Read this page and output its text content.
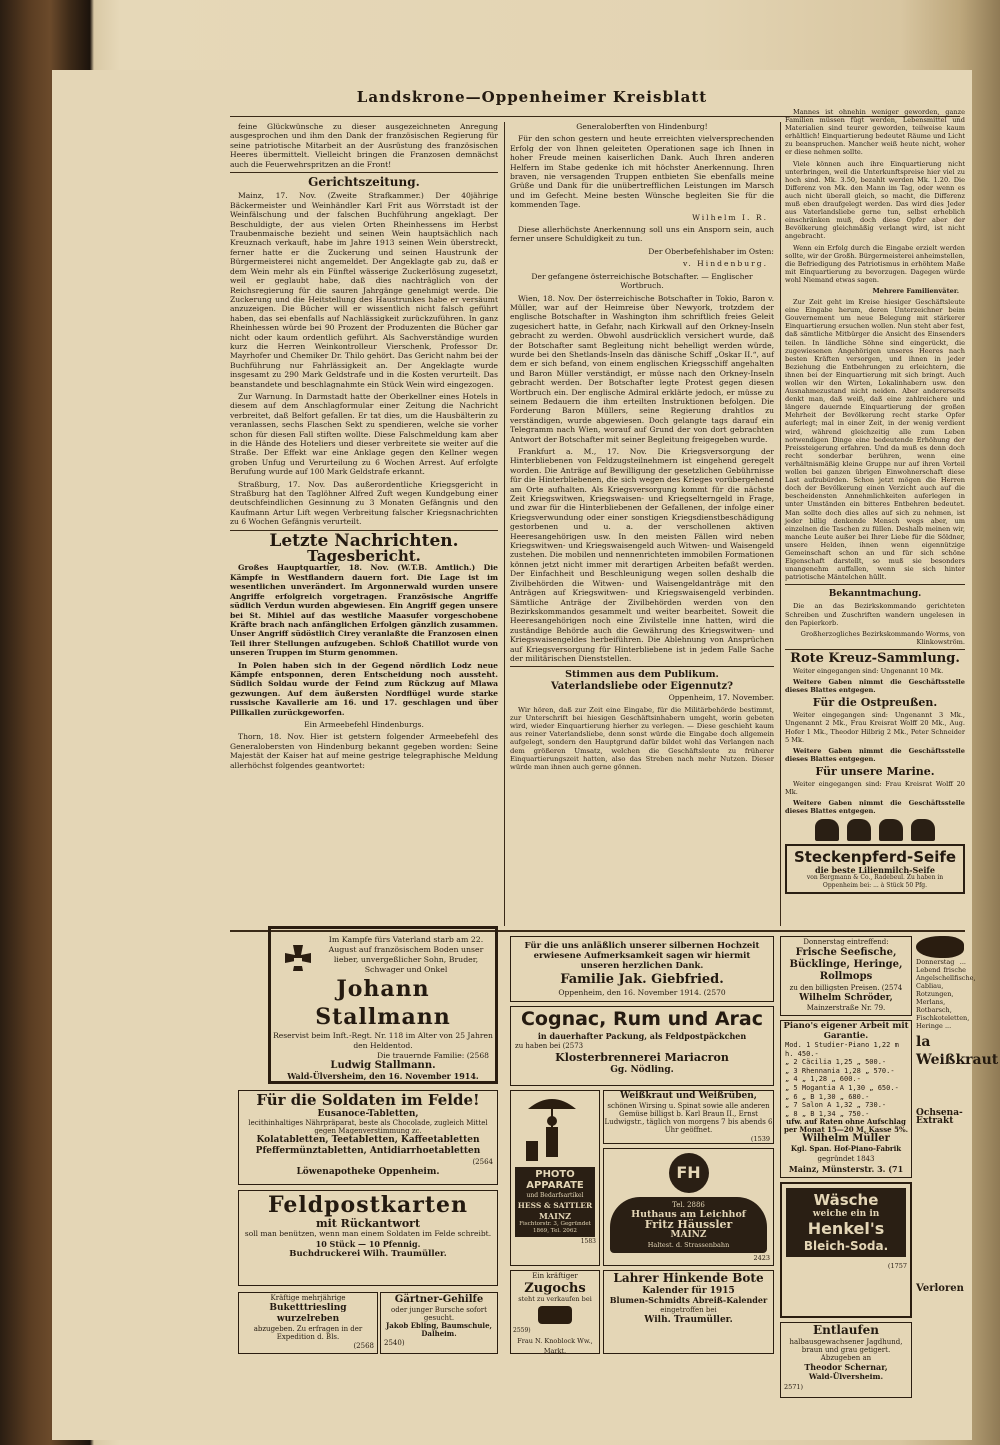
Landskrone—Oppenheimer Kreisblatt

feine Glückwünsche zu dieser ausgezeichneten Anregung ausgesprochen und ihm den Dank der französischen Regierung für seine patriotische Mitarbeit an der Ausrüstung des französischen Heeres übermittelt. Vielleicht bringen die Franzosen demnächst auch die Feuerwehrspritzen an die Front!

Gerichtszeitung.

Mainz, 17. Nov. (Zweite Strafkammer.) Der 40jährige Bäckermeister und Weinhändler Karl Frit aus Wörrstadt ist der Weinfälschung und der falschen Buchführung angeklagt. Der Beschuldigte, der aus vielen Orten Rheinhessens im Herbst Traubenmaische bezieht und seinen Wein hauptsächlich nach Kreuznach verkauft, habe im Jahre 1913 seinen Wein überstreckt, ferner hatte er die Zuckerung und seinen Haustrunk der Bürgermeisterei nicht angemeldet. Der Angeklagte gab zu, daß er dem Wein mehr als ein Fünftel wässerige Zuckerlösung zugesetzt, weil er geglaubt habe, daß dies nachträglich von der Reichsregierung für die sauren Jahrgänge genehmigt werde. Die Zuckerung und die Heitstellung des Haustrunkes habe er versäumt anzuzeigen. Die Bücher will er wissentlich nicht falsch geführt haben, das sei ebenfalls auf Nachlässigkeit zurückzuführen. In ganz Rheinhessen würde bei 90 Prozent der Produzenten die Bücher gar nicht oder kaum ordentlich geführt. Als Sachverständige wurden kurz die Herren Weinkontrolleur Vierschenk, Professor Dr. Mayrhofer und Chemiker Dr. Thilo gehört. Das Gericht nahm bei der Buchführung nur Fahrlässigkeit an. Der Angeklagte wurde insgesamt zu 290 Mark Geldstrafe und in die Kosten verurteilt. Das beanstandete und beschlagnahmte ein Stück Wein wird eingezogen.

Zur Warnung. In Darmstadt hatte der Oberkellner eines Hotels in diesem auf dem Anschlagformular einer Zeitung die Nachricht verbreitet, daß Belfort gefallen. Er tat dies, um die Hausbälterin zu veranlassen, sechs Flaschen Sekt zu spendieren, welche sie vorher schon für diesen Fall stiften wollte. Diese Falschmeldung kam aber in die Hände des Hoteliers und dieser verbreitete sie weiter auf die Straße. Der Effekt war eine Anklage gegen den Kellner wegen groben Unfug und Verurteilung zu 6 Wochen Arrest. Auf erfolgte Berufung wurde auf 100 Mark Geldstrafe erkannt.

Straßburg, 17. Nov. Das außerordentliche Kriegsgericht in Straßburg hat den Taglöhner Alfred Zuft wegen Kundgebung einer deutschfeindlichen Gesinnung zu 3 Monaten Gefängnis und den Kaufmann Artur Lift wegen Verbreitung falscher Kriegsnachrichten zu 6 Wochen Gefängnis verurteilt.

Letzte Nachrichten.
Tagesbericht.

Großes Hauptquartier, 18. Nov. (W.T.B. Amtlich.) Die Kämpfe in Westflandern dauern fort. Die Lage ist im wesentlichen unverändert. Im Argonnerwald wurden unsere Angriffe erfolgreich vorgetragen. Französische Angriffe südlich Verdun wurden abgewiesen. Ein Angriff gegen unsere bei St. Mihiel auf das westliche Maasufer vorgeschobene Kräfte brach nach anfänglichen Erfolgen gänzlich zusammen. Unser Angriff südöstlich Cirey veranlaßte die Franzosen einen Teil ihrer Stellungen aufzugeben. Schloß Chatillot wurde von unseren Truppen im Sturm genommen.

In Polen haben sich in der Gegend nördlich Lodz neue Kämpfe entsponnen, deren Entscheidung noch aussteht. Südlich Soldau wurde der Feind zum Rückzug auf Mlawa gezwungen. Auf dem äußersten Nordflügel wurde starke russische Kavallerie am 16. und 17. geschlagen und über Pillkallen zurückgeworfen.

Ein Armeebefehl Hindenburgs.

Thorn, 18. Nov. Hier ist getstern folgender Armeebefehl des Generalobersten von Hindenburg bekannt gegeben worden: Seine Majestät der Kaiser hat auf meine gestrige telegraphische Meldung allerhöchst folgendes geantwortet:

Generaloberften von Hindenburg!

Für den schon gestern und heute erreichten vielversprechenden Erfolg der von Ihnen geleiteten Operationen sage ich Ihnen in hoher Freude meinen kaiserlichen Dank. Auch Ihren anderen Helfern im Stabe gedenke ich mit höchster Anerkennung. Ihren braven, nie versagenden Truppen entbieten Sie ebenfalls meine Grüße und Dank für die unübertrefflichen Leistungen im Marsch und im Gefecht. Meine besten Wünsche begleiten Sie für die kommenden Tage.

Wilhelm I. R.

Diese allerhöchste Anerkennung soll uns ein Ansporn sein, auch ferner unsere Schuldigkeit zu tun.

Der Oberbefehlshaber im Osten:

v. Hindenburg.

Der gefangene österreichische Botschafter. — Englischer Wortbruch.

Wien, 18. Nov. Der österreichische Botschafter in Tokio, Baron v. Müller, war auf der Heimreise über Newyork, trotzdem der englische Botschafter in Washington ihm schriftlich freies Geleit zugesichert hatte, in Gefahr, nach Kirkwall auf den Orkney-Inseln gebracht zu werden. Obwohl ausdrücklich versichert wurde, daß der Botschafter samt Begleitung nicht behelligt werden würde, wurde bei den Shetlands-Inseln das dänische Schiff „Oskar II.“, auf dem er sich befand, von einem englischen Kriegsschiff angehalten und Baron Müller verständigt, er müsse nach den Orkney-Inseln gebracht werden. Der Botschafter legte Protest gegen diesen Wortbruch ein. Der englische Admiral erklärte jedoch, er müsse zu seinem Bedauern die ihm erteilten Instruktionen befolgen. Die Forderung Baron Müllers, seine Regierung drahtlos zu verständigen, wurde abgewiesen. Doch gelangte tags darauf ein Telegramm nach Wien, worauf auf Grund der von dort gebrachten Antwort der Botschafter mit seiner Begleitung freigegeben wurde.

Frankfurt a. M., 17. Nov. Die Kriegsversorgung der Hinterbliebenen von Feldzugsteilnehmern ist eingehend geregelt worden. Die Anträge auf Bewilligung der gesetzlichen Gebührnisse für die Hinterbliebenen, die sich wegen des Krieges vorübergehend am Orte aufhalten. Als Kriegsversorgung kommt für die nächste Zeit Kriegswitwen, Kriegswaisen- und Kriegselterngeld in Frage, und zwar für die Hinterbliebenen der Gefallenen, der infolge einer Kriegsverwundung oder einer sonstigen Kriegsdienstbeschädigung gestorbenen und u. a. der verschollenen aktiven Heeresangehörigen usw. In den meisten Fällen wird neben Kriegswitwen- und Kriegswaisengeld auch Witwen- und Waisengeld zustehen. Die mobilen und nennenrichteten immobilen Formationen können jetzt nicht immer mit derartigen Arbeiten befaßt werden. Der Einfachheit und Beschleunigung wegen sollen deshalb die Zivilbehörden die Witwen- und Waisengeldanträge mit den Anträgen auf Kriegswitwen- und Kriegswaisengeld verbinden. Sämtliche Anträge der Zivilbehörden werden von den Bezirkskommandos gesammelt und weiter bearbeitet. Soweit die Heeresangehörigen noch eine Zivilstelle inne hatten, wird die zuständige Behörde auch die Gewährung des Kriegswitwen- und Kriegswaisengeldes herbeiführen. Die Ablehnung von Ansprüchen auf Kriegsversorgung für Hinterbliebene ist in jedem Falle Sache der militärischen Dienststellen.

Stimmen aus dem Publikum.
Vaterlandsliebe oder Eigennutz?

Oppenheim, 17. November.

Wir hören, daß zur Zeit eine Eingabe, für die Militärbehörde bestimmt, zur Unterschrift bei hiesigen Geschäftsinhabern umgeht, worin gebeten wird, wieder Einquartierung hierher zu verlegen. — Diese geschieht kaum aus reiner Vaterlandsliebe, denn sonst würde die Eingabe doch allgemein aufgelegt, sondern den Hauptgrund dafür bildet wohl das Verlangen nach dem größeren Umsatz, welchen die Geschäftsleute zu früherer Einquartierungszeit hatten, also das Streben nach mehr Nutzen. Dieser würde man ihnen auch gerne gönnen.

Mannes ist ohnehin weniger geworden, ganze Familien müssen fügt werden, Lebensmittel und Materialien sind teurer geworden, teilweise kaum erhältlich! Einquartierung bedeutet Räume und Licht zu beanspruchen. Mancher weiß heute nicht, woher er diese nehmen sollte.

Viele können auch ihre Einquartierung nicht unterbringen, weil die Unterkunftspreise hier viel zu hoch sind. Mk. 3.50, bezahlt werden Mk. 1.20. Die Differenz von Mk. den Mann im Tag, oder wenn es auch nicht überall gleich, so macht, die Differenz muß eben draufgelegt werden. Das wird dies Jeder aus Vaterlandsliebe gerne tun, selbst erheblich einschränken muß, doch diese Opfer aber der Bevölkerung gleichmäßig verlangt wird, ist nicht angebracht.

Wenn ein Erfolg durch die Eingabe erzielt werden sollte, wir der Großh. Bürgermeisterei anheimstellen, die Befriedigung des Patriotismus in erhöhtem Maße mit Einquartierung zu bevorzugen. Dagegen würde wohl Niemand etwas sagen.

Mehrere Familienväter.

Zur Zeit geht im Kreise hiesiger Geschäftsleute eine Eingabe herum, deren Unterzeichner beim Gouvernement um neue Belegung mit stärkerer Einquartierung ersuchen wollen. Nun steht aber fest, daß sämtliche Mitbürger die Ansicht des Einsenders teilen. In ländliche Söhne sind eingerückt, die zugewiesenen Angehörigen unseres Heeres nach besten Kräften versorgen, und ihnen in jeder Beziehung die Entbehrungen zu erleichtern, die ihnen bei der Einquartierung mit sich bringt. Auch wollen wir den Wirten, Lokalinhabern usw. den Ausnahmezustand nicht neiden. Aber andererseits denkt man, daß weiß, daß eine zahlreichere und längere dauernde Einquartierung der großen Mehrheit der Bevölkerung recht starke Opfer auferlegt; mal in einer Zeit, in der wenig verdient wird, während gleichzeitig alle zum Leben notwendigen Dinge eine bedeutende Erhöhung der Preissteigerung erfahren. Und da muß es denn doch recht sonderbar berühren, wenn eine verhältnismäßig kleine Gruppe nur auf ihren Vorteil wollen bei ganzen übrigen Einwohnerschaft diese Last aufzubürden. Schon jetzt mögen die Herren doch der Bevölkerung einen Verzicht auch auf die bescheidensten Annehmlichkeiten auferlegen in unter Umständen ein bitteres Entbehren bedeutet. Man sollte doch dies alles auf sich zu nehmen, ist jeder billig denkende Mensch wegs aber, um einzelnen die Taschen zu füllen. Deshalb meinen wir, manche Leute außer bei Ihrer Liebe für die Söldner, unsere Helden, ihnen wenn eigennützige Gemeinschaft schon an und für sich schöne Eigenschaft darstellt, so muß sie besonders unangenehm auffallen, wenn sie sich hinter patriotische Mäntelchen hüllt.

Bekanntmachung.

Die an das Bezirkskommando gerichteten Schreiben und Zuschriften wandern ungelesen in den Papierkorb.

Großherzogliches Bezirkskommando Worms, von Klinkowström.

Rote Kreuz-Sammlung.

Weiter eingegangen sind: Ungenannt 10 Mk.

Weitere Gaben nimmt die Geschäftsstelle dieses Blattes entgegen.

Für die Ostpreußen.

Weiter eingegangen sind: Ungenannt 3 Mk., Ungenannt 2 Mk., Frau Kreisrat Wolff 20 Mk., Aug. Hofer 1 Mk., Theodor Hilbrig 2 Mk., Peter Schneider 5 Mk.

Weitere Gaben nimmt die Geschäftsstelle dieses Blattes entgegen.

Für unsere Marine.

Weiter eingegangen sind: Frau Kreisrat Wolff 20 Mk.

Weitere Gaben nimmt die Geschäftsstelle dieses Blattes entgegen.

Steckenpferd-Seife
die beste Lilienmilch-Seife
von Bergmann & Co., Radebeul. Zu haben in Oppenheim bei: ... à Stück 50 Pfg.
Im Kampfe fürs Vaterland starb am 22. August auf französischem Boden unser lieber, unvergeßlicher Sohn, Bruder, Schwager und Onkel
Johann Stallmann
Reservist beim Inft.-Regt. Nr. 118 im Alter von 25 Jahren den Heldentod.
Die trauernde Familie: (2568
Ludwig Stallmann.
Wald-Ülversheim, den 16. November 1914.
Für die Soldaten im Felde!
Eusanoce-Tabletten,
lecithinhaltiges Nährpräparat, beste als Chocolade, zugleich Mittel gegen Magenverstimmung zc.
Kolatabletten, Teetabletten, Kaffeetabletten Pfeffermünztabletten, Antidiarrhoetabletten
(2564
Löwenapotheke Oppenheim.
Feldpostkarten
mit Rückantwort
soll man benützen, wenn man einem Soldaten im Felde schreibt.
10 Stück — 10 Pfennig.
Buchdruckerei Wilh. Traumüller.
Kräftige mehrjährige
Buketttriesling wurzelreben
abzugeben. Zu erfragen in der Expedition d. Bls.
(2568
Gärtner-Gehilfe
oder junger Bursche sofort gesucht.
Jakob Ebling, Baumschule, Dalheim.
2540)
Für die uns anläßlich unserer silbernen Hochzeit erwiesene Aufmerksamkeit sagen wir hiermit unseren herzlichen Dank.
Familie Jak. Giebfried.
Oppenheim, den 16. November 1914. (2570
Cognac, Rum und Arac
in dauerhafter Packung, als Feldpostpäckchen
zu haben bei (2573
Klosterbrennerei Mariacron
Gg. Nödling.
PHOTO APPARATE
und Bedarfsartikel
HESS & SATTLER
MAINZ
Fischtorstr. 3, Gegründet 1869, Tel. 2062
1583
Weißkraut und Weißrüben,
schönen Wirsing u. Spinat sowie alle anderen Gemüse billigst b. Karl Braun II., Ernst Ludwigstr., täglich von morgens 7 bis abends 6 Uhr geöffnet.
(1539
FH
Tel. 2886
Huthaus am Leichhof
Fritz Häussler
MAINZ
Haltest. d. Strassenbahn
2423
Ein kräftiger
Zugochs
steht zu verkaufen bei
2559)
Frau N. Knoblock Ww., Markt.
Lahrer Hinkende Bote
Kalender für 1915
Blumen-Schmidts Abreiß-Kalender
eingetroffen bei
Wilh. Traumüller.
Donnerstag eintreffend:
Frische Seefische, Bücklinge, Heringe, Rollmops
zu den billigsten Preisen. (2574
Wilhelm Schröder,
Mainzerstraße Nr. 79.
Piano's eigener Arbeit mit Garantie.
Mod. 1 Studier-Piano 1,22 m h. 450.-
„ 2 Cäcilia 1,25 „ 500.-
„ 3 Rhennania 1,28 „ 570.-
„ 4 „ 1,28 „ 600.-
„ 5 Mogantia A 1,30 „ 650.-
„ 6 „ B 1,30 „ 680.-
„ 7 Salon A 1,32 „ 730.-
„ 8 „ B 1,34 „ 750.-
ufw. auf Raten ohne Aufschlag per Monat 15—20 M, Kasse 5%.
Wilhelm Müller
Kgl. Span. Hof-Piano-Fabrik
gegründet 1843
Mainz, Münsterstr. 3. (71
Wäsche
weiche ein in
Henkel's
Bleich-Soda.
(1757
Entlaufen
halbausgewachsener Jagdhund, braun und grau getigert. Abzugeben an
Theodor Schernar,
Wald-Ülversheim.
2571)

Donnerstag ... Lebend frische Angelschellfische, Cabliau, Rotzungen, Merlans, Rotbarsch, Fischkoteletten, Heringe ...

la Weißkraut
Ochsena-Extrakt
Verloren
